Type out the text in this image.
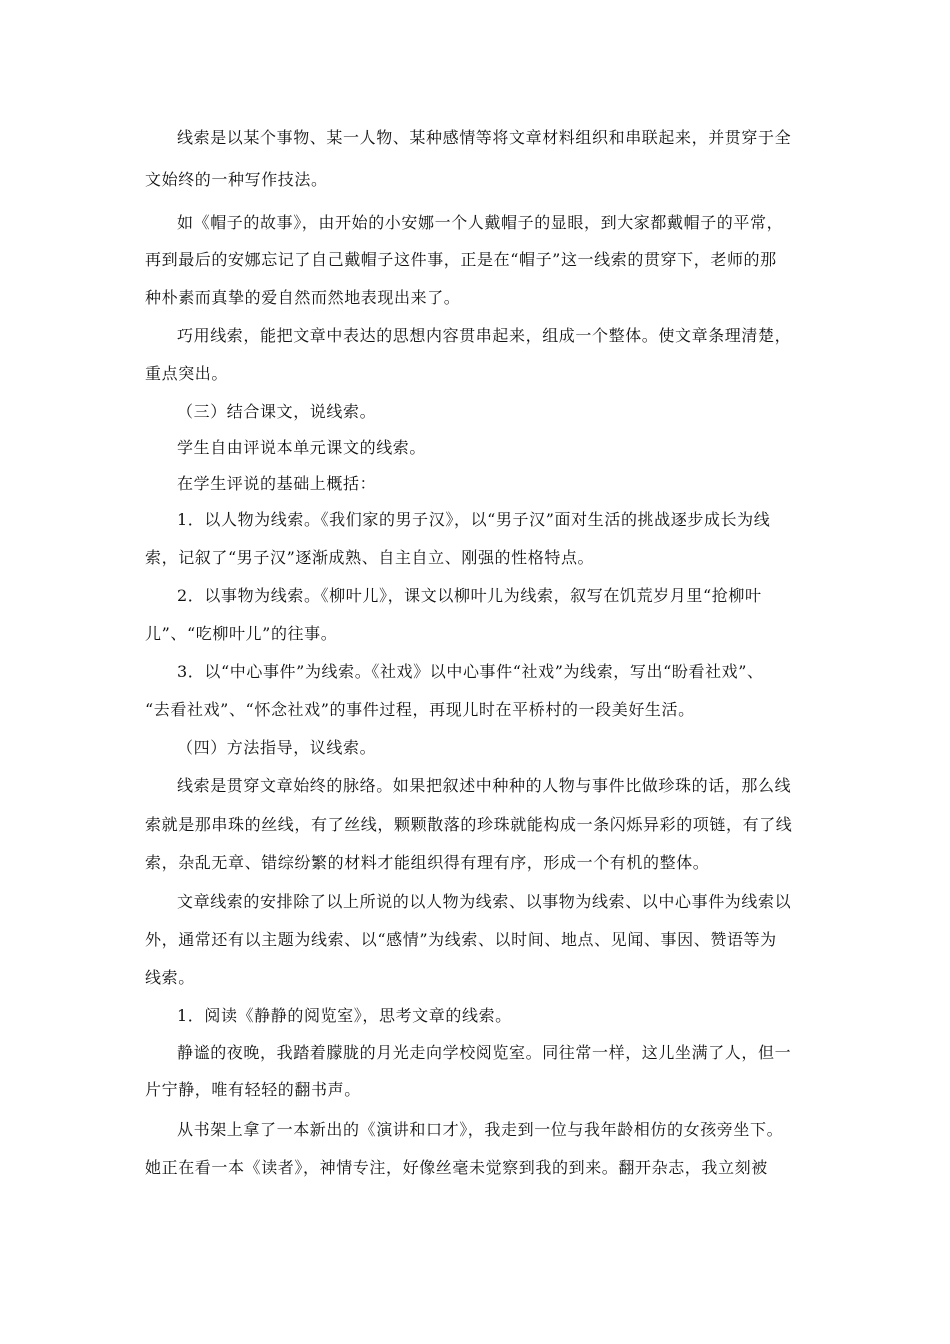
线索是以某个事物、某一人物、某种感情等将文章材料组织和串联起来，并贯穿于全
文始终的一种写作技法。
如《帽子的故事》，由开始的小安娜一个人戴帽子的显眼，到大家都戴帽子的平常，
再到最后的安娜忘记了自己戴帽子这件事，正是在“帽子”这一线索的贯穿下，老师的那
种朴素而真挚的爱自然而然地表现出来了。
巧用线索，能把文章中表达的思想内容贯串起来，组成一个整体。使文章条理清楚，
重点突出。
（三）结合课文，说线索。
学生自由评说本单元课文的线索。
在学生评说的基础上概括：
1．以人物为线索。《我们家的男子汉》，以“男子汉”面对生活的挑战逐步成长为线
索，记叙了“男子汉”逐渐成熟、自主自立、刚强的性格特点。
2．以事物为线索。《柳叶儿》，课文以柳叶儿为线索，叙写在饥荒岁月里“抢柳叶
儿”、“吃柳叶儿”的往事。
3．以“中心事件”为线索。《社戏》以中心事件“社戏”为线索，写出“盼看社戏”、
“去看社戏”、“怀念社戏”的事件过程，再现儿时在平桥村的一段美好生活。
（四）方法指导，议线索。
线索是贯穿文章始终的脉络。如果把叙述中种种的人物与事件比做珍珠的话，那么线
索就是那串珠的丝线，有了丝线，颗颗散落的珍珠就能构成一条闪烁异彩的项链，有了线
索，杂乱无章、错综纷繁的材料才能组织得有理有序，形成一个有机的整体。
文章线索的安排除了以上所说的以人物为线索、以事物为线索、以中心事件为线索以
外，通常还有以主题为线索、以“感情”为线索、以时间、地点、见闻、事因、赞语等为
线索。
1．阅读《静静的阅览室》，思考文章的线索。
静谧的夜晚，我踏着朦胧的月光走向学校阅览室。同往常一样，这儿坐满了人，但一
片宁静，唯有轻轻的翻书声。
从书架上拿了一本新出的《演讲和口才》，我走到一位与我年龄相仿的女孩旁坐下。
她正在看一本《读者》，神情专注，好像丝毫未觉察到我的到来。翻开杂志，我立刻被
